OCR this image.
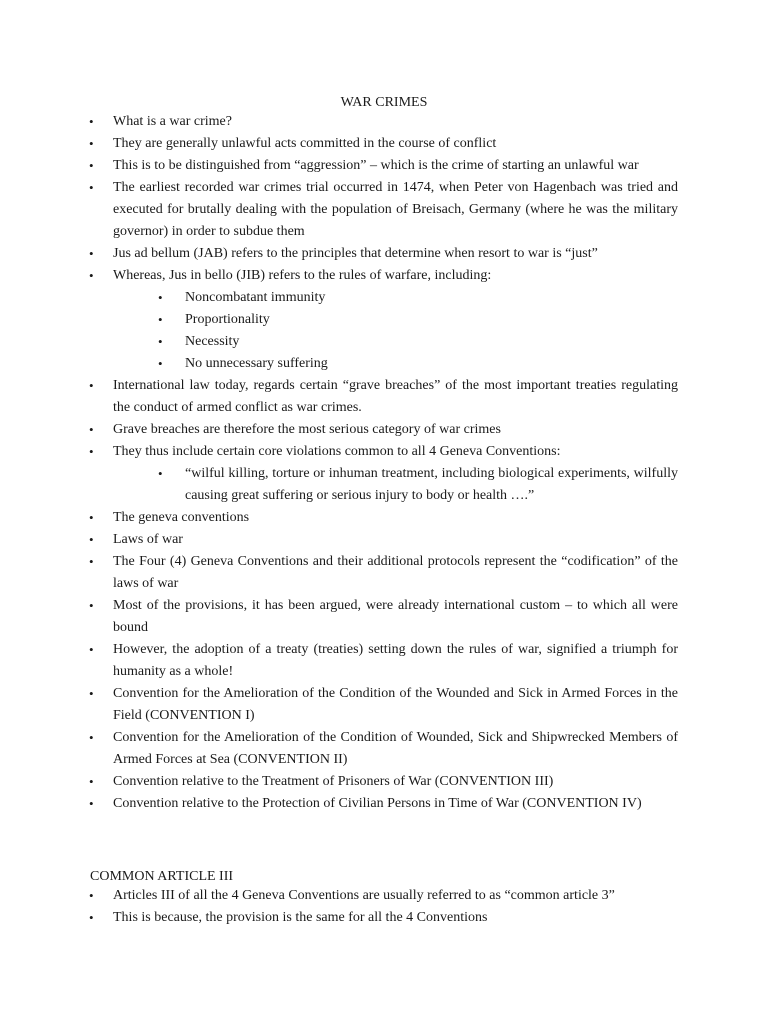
WAR CRIMES
• What is a war crime?
• They are generally unlawful acts committed in the course of conflict
• This is to be distinguished from “aggression” – which is the crime of starting an unlawful war
• The earliest recorded war crimes trial occurred in 1474, when Peter von Hagenbach was tried and executed for brutally dealing with the population of Breisach, Germany (where he was the military governor) in order to subdue them
• Jus ad bellum (JAB) refers to the principles that determine when resort to war is “just”
• Whereas, Jus in bello (JIB) refers to the rules of warfare, including:
• Noncombatant immunity
• Proportionality
• Necessity
• No unnecessary suffering
• International law today, regards certain “grave breaches” of the most important treaties regulating the conduct of armed conflict as war crimes.
• Grave breaches are therefore the most serious category of war crimes
• They thus include certain core violations common to all 4 Geneva Conventions:
• “wilful killing, torture or inhuman treatment, including biological experiments, wilfully causing great suffering or serious injury to body or health ….”
• The geneva conventions
• Laws of war
• The Four (4) Geneva Conventions and their additional protocols represent the “codification” of the laws of war
• Most of the provisions, it has been argued, were already international custom – to which all were bound
• However, the adoption of a treaty (treaties) setting down the rules of war, signified a triumph for humanity as a whole!
• Convention for the Amelioration of the Condition of the Wounded and Sick in Armed Forces in the Field (CONVENTION I)
• Convention for the Amelioration of the Condition of Wounded, Sick and Shipwrecked Members of Armed Forces at Sea (CONVENTION II)
• Convention relative to the Treatment of Prisoners of War (CONVENTION III)
• Convention relative to the Protection of Civilian Persons in Time of War (CONVENTION IV)
COMMON ARTICLE III
• Articles III of all the 4 Geneva Conventions are usually referred to as “common article 3”
• This is because, the provision is the same for all the 4 Conventions
